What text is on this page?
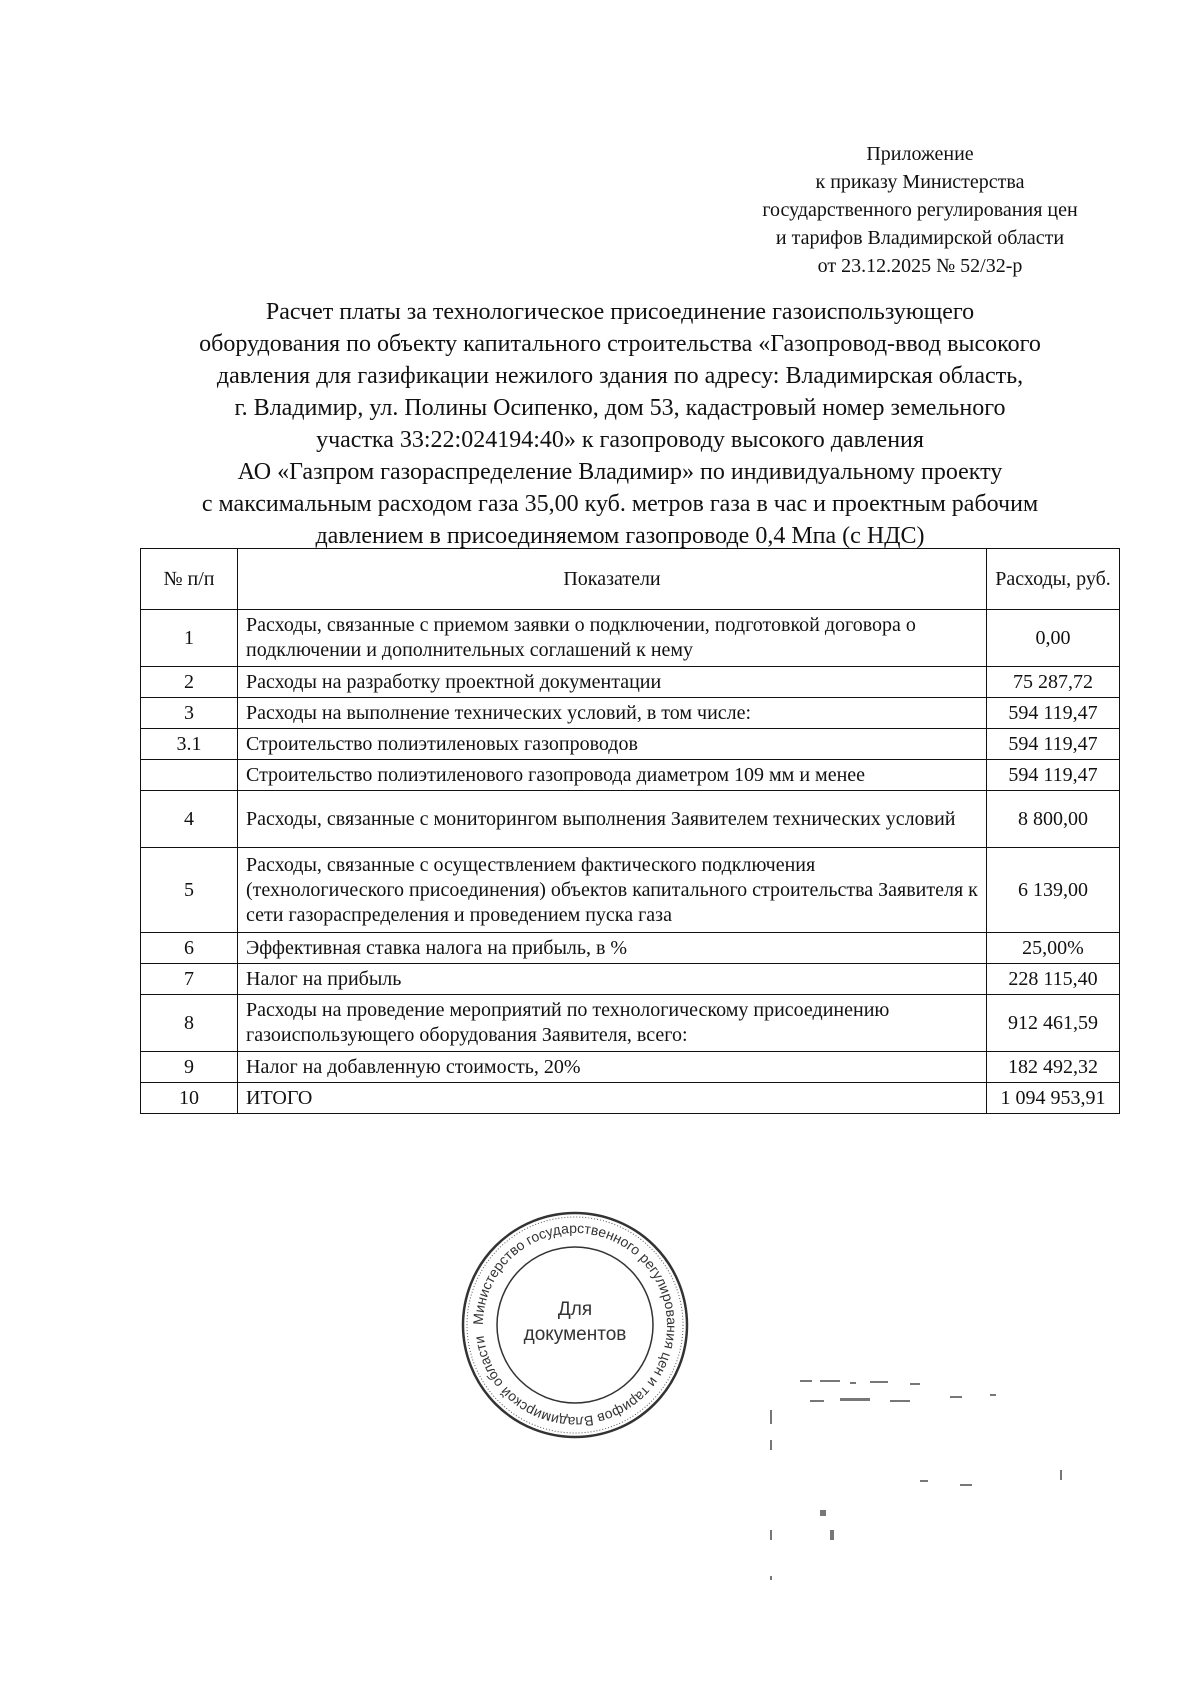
Приложение
к приказу Министерства
государственного регулирования цен
и тарифов Владимирской области
от 23.12.2025 № 52/32-р
Расчет платы за технологическое присоединение газоиспользующего
оборудования по объекту капитального строительства «Газопровод-ввод высокого
давления для газификации нежилого здания по адресу: Владимирская область,
г. Владимир, ул. Полины Осипенко, дом 53, кадастровый номер земельного
участка 33:22:024194:40» к газопроводу высокого давления
АО «Газпром газораспределение Владимир» по индивидуальному проекту
с максимальным расходом газа 35,00 куб. метров газа в час и проектным рабочим
давлением в присоединяемом газопроводе 0,4 Мпа (с НДС)
№ п/п	Показатели	Расходы, руб.
1	Расходы, связанные с приемом заявки о подключении, подготовкой договора о подключении и дополнительных соглашений к нему	0,00
2	Расходы на разработку проектной документации	75 287,72
3	Расходы на выполнение технических условий, в том числе:	594 119,47
3.1	Строительство полиэтиленовых газопроводов	594 119,47
	Строительство полиэтиленового газопровода диаметром 109 мм и менее	594 119,47
4	Расходы, связанные с мониторингом выполнения Заявителем технических условий	8 800,00
5	Расходы, связанные с осуществлением фактического подключения (технологического присоединения) объектов капитального строительства Заявителя к сети газораспределения и проведением пуска газа	6 139,00
6	Эффективная ставка налога на прибыль, в %	25,00%
7	Налог на прибыль	228 115,40
8	Расходы на проведение мероприятий по технологическому присоединению газоиспользующего оборудования Заявителя, всего:	912 461,59
9	Налог на добавленную стоимость, 20%	182 492,32
10	ИТОГО	1 094 953,91
Министерство государственного регулирования цен и тарифов Владимирской области
Для
документов
